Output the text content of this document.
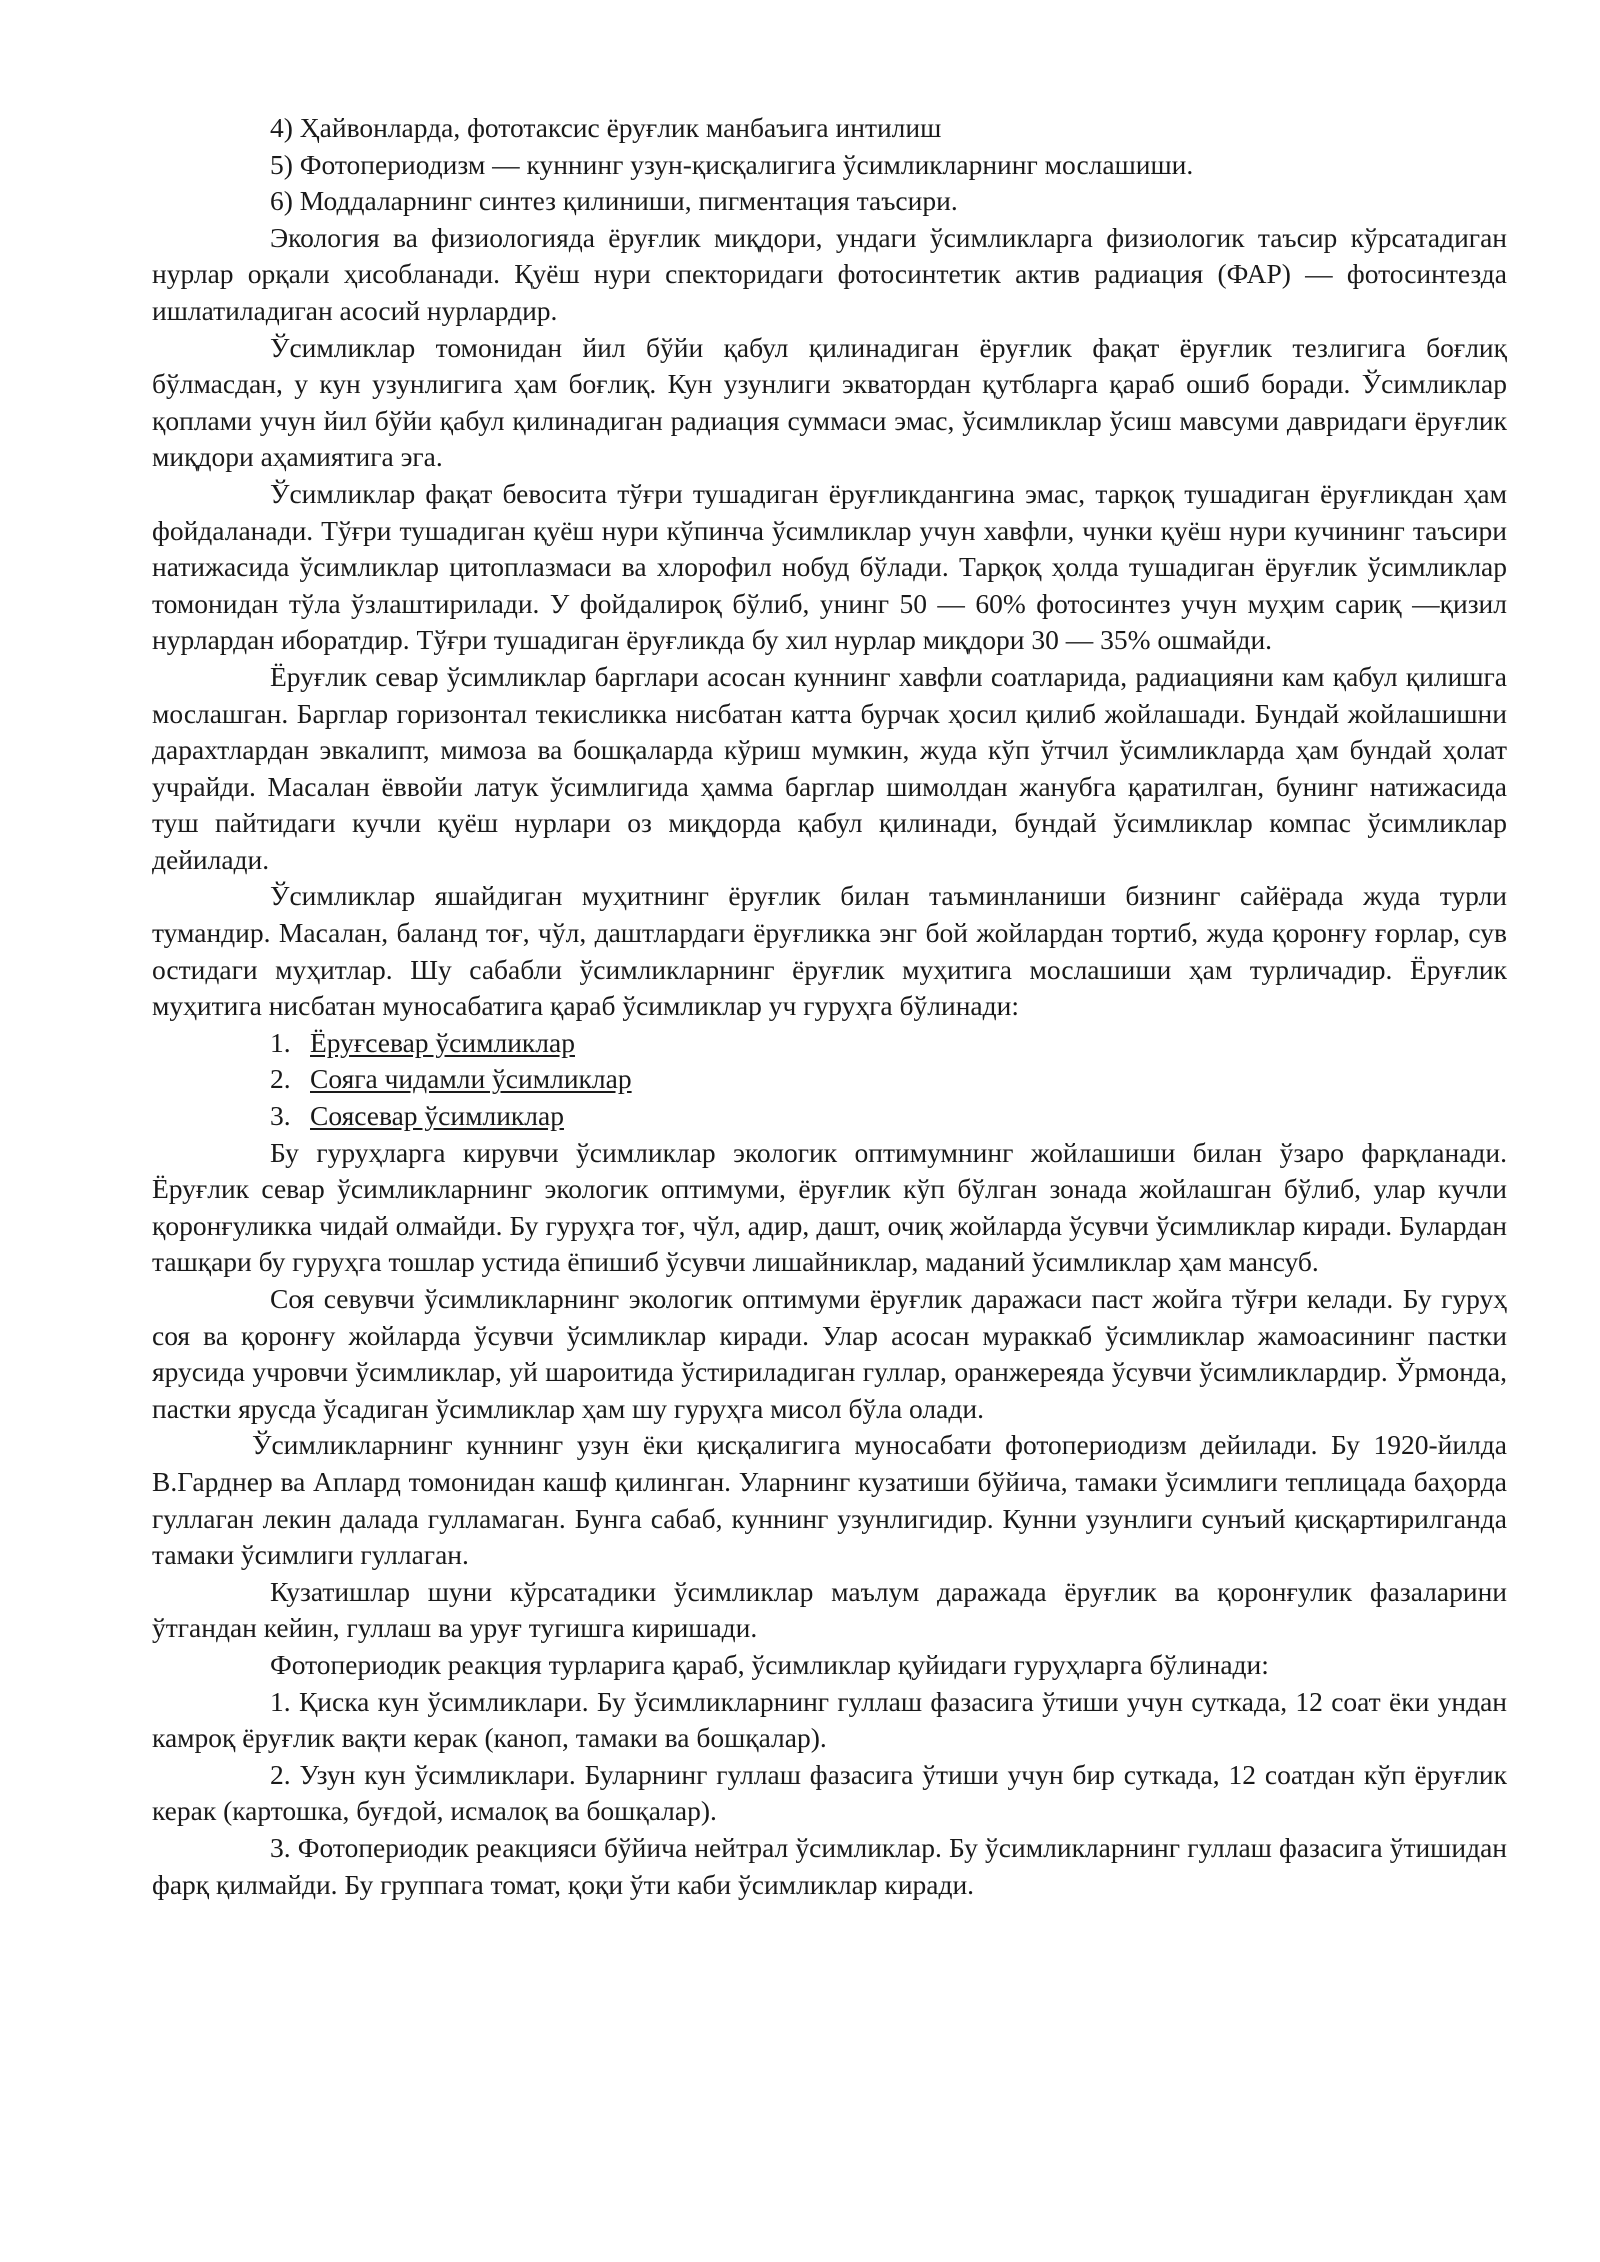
4) Ҳайвонларда, фототаксис ёруғлик манбаъига интилиш

5) Фотопериодизм — куннинг узун-қисқалигига ўсимликларнинг мослашиши.

6) Моддаларнинг синтез қилиниши, пигментация таъсири.

Экология ва физиологияда ёруғлик миқдори, ундаги ўсимликларга физиологик таъсир кўрсатадиган нурлар орқали ҳисобланади. Қуёш нури спекторидаги фотосинтетик актив радиация (ФАР) — фотосинтезда ишлатиладиган асосий нурлардир.

Ўсимликлар томонидан йил бўйи қабул қилинадиган ёруғлик фақат ёруғлик тезлигига боғлиқ бўлмасдан, у кун узунлигига ҳам боғлиқ. Кун узунлиги экватордан қутбларга қараб ошиб боради. Ўсимликлар қоплами учун йил бўйи қабул қилинадиган радиация суммаси эмас, ўсимликлар ўсиш мавсуми давридаги ёруғлик миқдори аҳамиятига эга.

Ўсимликлар фақат бевосита тўғри тушадиган ёруғликдангина эмас, тарқоқ тушадиган ёруғликдан ҳам фойдаланади. Тўғри тушадиган қуёш нури кўпинча ўсимликлар учун хавфли, чунки қуёш нури кучининг таъсири натижасида ўсимликлар цитоплазмаси ва хлорофил нобуд бўлади. Тарқоқ ҳолда тушадиган ёруғлик ўсимликлар томонидан тўла ўзлаштирилади. У фойдалироқ бўлиб, унинг 50 — 60% фотосинтез учун муҳим сариқ —қизил нурлардан иборатдир. Тўғри тушадиган ёруғликда бу хил нурлар миқдори 30 — 35% ошмайди.

Ёруғлик севар ўсимликлар барглари асосан куннинг хавфли соатларида, радиацияни кам қабул қилишга мослашган. Барглар горизонтал текисликка нисбатан катта бурчак ҳосил қилиб жойлашади. Бундай жойлашишни дарахтлардан эвкалипт, мимоза ва бошқаларда кўриш мумкин, жуда кўп ўтчил ўсимликларда ҳам бундай ҳолат учрайди. Масалан ёввойи латук ўсимлигида ҳамма барглар шимолдан жанубга қаратилган, бунинг натижасида туш пайтидаги кучли қуёш нурлари оз миқдорда қабул қилинади, бундай ўсимликлар компас ўсимликлар дейилади.

Ўсимликлар яшайдиган муҳитнинг ёруғлик билан таъминланиши бизнинг сайёрада жуда турли тумандир. Масалан, баланд тоғ, чўл, даштлардаги ёруғликка энг бой жойлардан тортиб, жуда қоронғу ғорлар, сув остидаги муҳитлар. Шу сабабли ўсимликларнинг ёруғлик муҳитига мослашиши ҳам турличадир. Ёруғлик муҳитига нисбатан муносабатига қараб ўсимликлар уч гуруҳга бўлинади:

1. Ёруғсевар ўсимликлар

2. Сояга чидамли ўсимликлар

3. Соясевар ўсимликлар

Бу гуруҳларга кирувчи ўсимликлар экологик оптимумнинг жойлашиши билан ўзаро фарқланади. Ёруғлик севар ўсимликларнинг экологик оптимуми, ёруғлик кўп бўлган зонада жойлашган бўлиб, улар кучли қоронғуликка чидай олмайди. Бу гуруҳга тоғ, чўл, адир, дашт, очиқ жойларда ўсувчи ўсимликлар киради. Булардан ташқари бу гуруҳга тошлар устида ёпишиб ўсувчи лишайниклар, маданий ўсимликлар ҳам мансуб.

Соя севувчи ўсимликларнинг экологик оптимуми ёруғлик даражаси паст жойга тўғри келади. Бу гуруҳ соя ва қоронғу жойларда ўсувчи ўсимликлар киради. Улар асосан мураккаб ўсимликлар жамоасининг пастки ярусида учровчи ўсимликлар, уй шароитида ўстириладиган гуллар, оранжереяда ўсувчи ўсимликлардир. Ўрмонда, пастки ярусда ўсадиган ўсимликлар ҳам шу гуруҳга мисол бўла олади.

Ўсимликларнинг куннинг узун ёки қисқалигига муносабати фотопериодизм дейилади. Бу 1920-йилда В.Гарднер ва Аплард томонидан кашф қилинган. Уларнинг кузатиши бўйича, тамаки ўсимлиги теплицада баҳорда гуллаган лекин далада гулламаган. Бунга сабаб, куннинг узунлигидир. Кунни узунлиги сунъий қисқартирилганда тамаки ўсимлиги гуллаган.

Кузатишлар шуни кўрсатадики ўсимликлар маълум даражада ёруғлик ва қоронғулик фазаларини ўтгандан кейин, гуллаш ва уруғ тугишга киришади.

Фотопериодик реакция турларига қараб, ўсимликлар қуйидаги гуруҳларга бўлинади:

1. Қиска кун ўсимликлари. Бу ўсимликларнинг гуллаш фазасига ўтиши учун суткада, 12 соат ёки ундан камроқ ёруғлик вақти керак (каноп, тамаки ва бошқалар).

2. Узун кун ўсимликлари. Буларнинг гуллаш фазасига ўтиши учун бир суткада, 12 соатдан кўп ёруғлик керак (картошка, буғдой, исмалоқ ва бошқалар).

3. Фотопериодик реакцияси бўйича нейтрал ўсимликлар. Бу ўсимликларнинг гуллаш фазасига ўтишидан фарқ қилмайди. Бу группага томат, қоқи ўти каби ўсимликлар киради.
